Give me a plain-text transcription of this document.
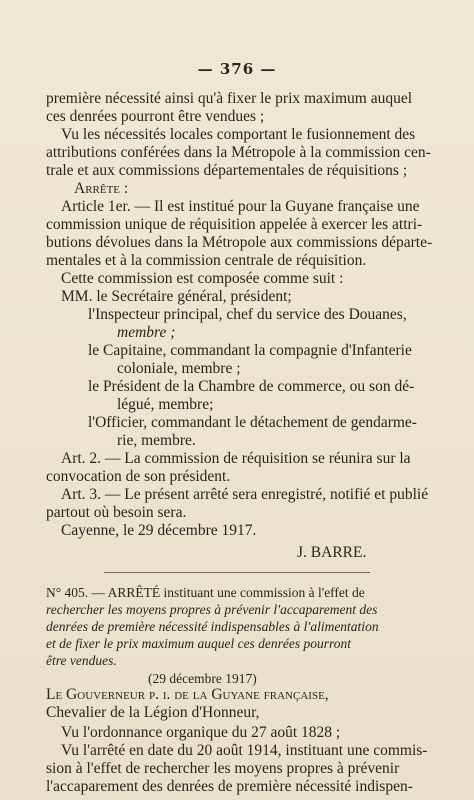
— 376 —
première nécessité ainsi qu'à fixer le prix maximum auquel
ces denrées pourront être vendues ;
Vu les nécessités locales comportant le fusionnement des
attributions conférées dans la Métropole à la commission cen-
trale et aux commissions départementales de réquisitions ;
Arrête :
Article 1er. — Il est institué pour la Guyane française une
commission unique de réquisition appelée à exercer les attri-
butions dévolues dans la Métropole aux commissions départe-
mentales et à la commission centrale de réquisition.
Cette commission est composée comme suit :
MM. le Secrétaire général, président;
l'Inspecteur principal, chef du service des Douanes,
membre ;
le Capitaine, commandant la compagnie d'Infanterie
coloniale, membre ;
le Président de la Chambre de commerce, ou son dé-
légué, membre;
l'Officier, commandant le détachement de gendarme-
rie, membre.
Art. 2. — La commission de réquisition se réunira sur la
convocation de son président.
Art. 3. — Le présent arrêté sera enregistré, notifié et publié
partout où besoin sera.
Cayenne, le 29 décembre 1917.
J. BARRE.
N° 405. — ARRÊTÉ instituant une commission à l'effet de
rechercher les moyens propres à prévenir l'accaparement des
denrées de première nécessité indispensables à l'alimentation
et de fixer le prix maximum auquel ces denrées pourront
être vendues.
(29 décembre 1917)
Le Gouverneur p. i. de la Guyane française,
Chevalier de la Légion d'Honneur,
Vu l'ordonnance organique du 27 août 1828 ;
Vu l'arrêté en date du 20 août 1914, instituant une commis-
sion à l'effet de rechercher les moyens propres à prévenir
l'accaparement des denrées de première nécessité indispen-
